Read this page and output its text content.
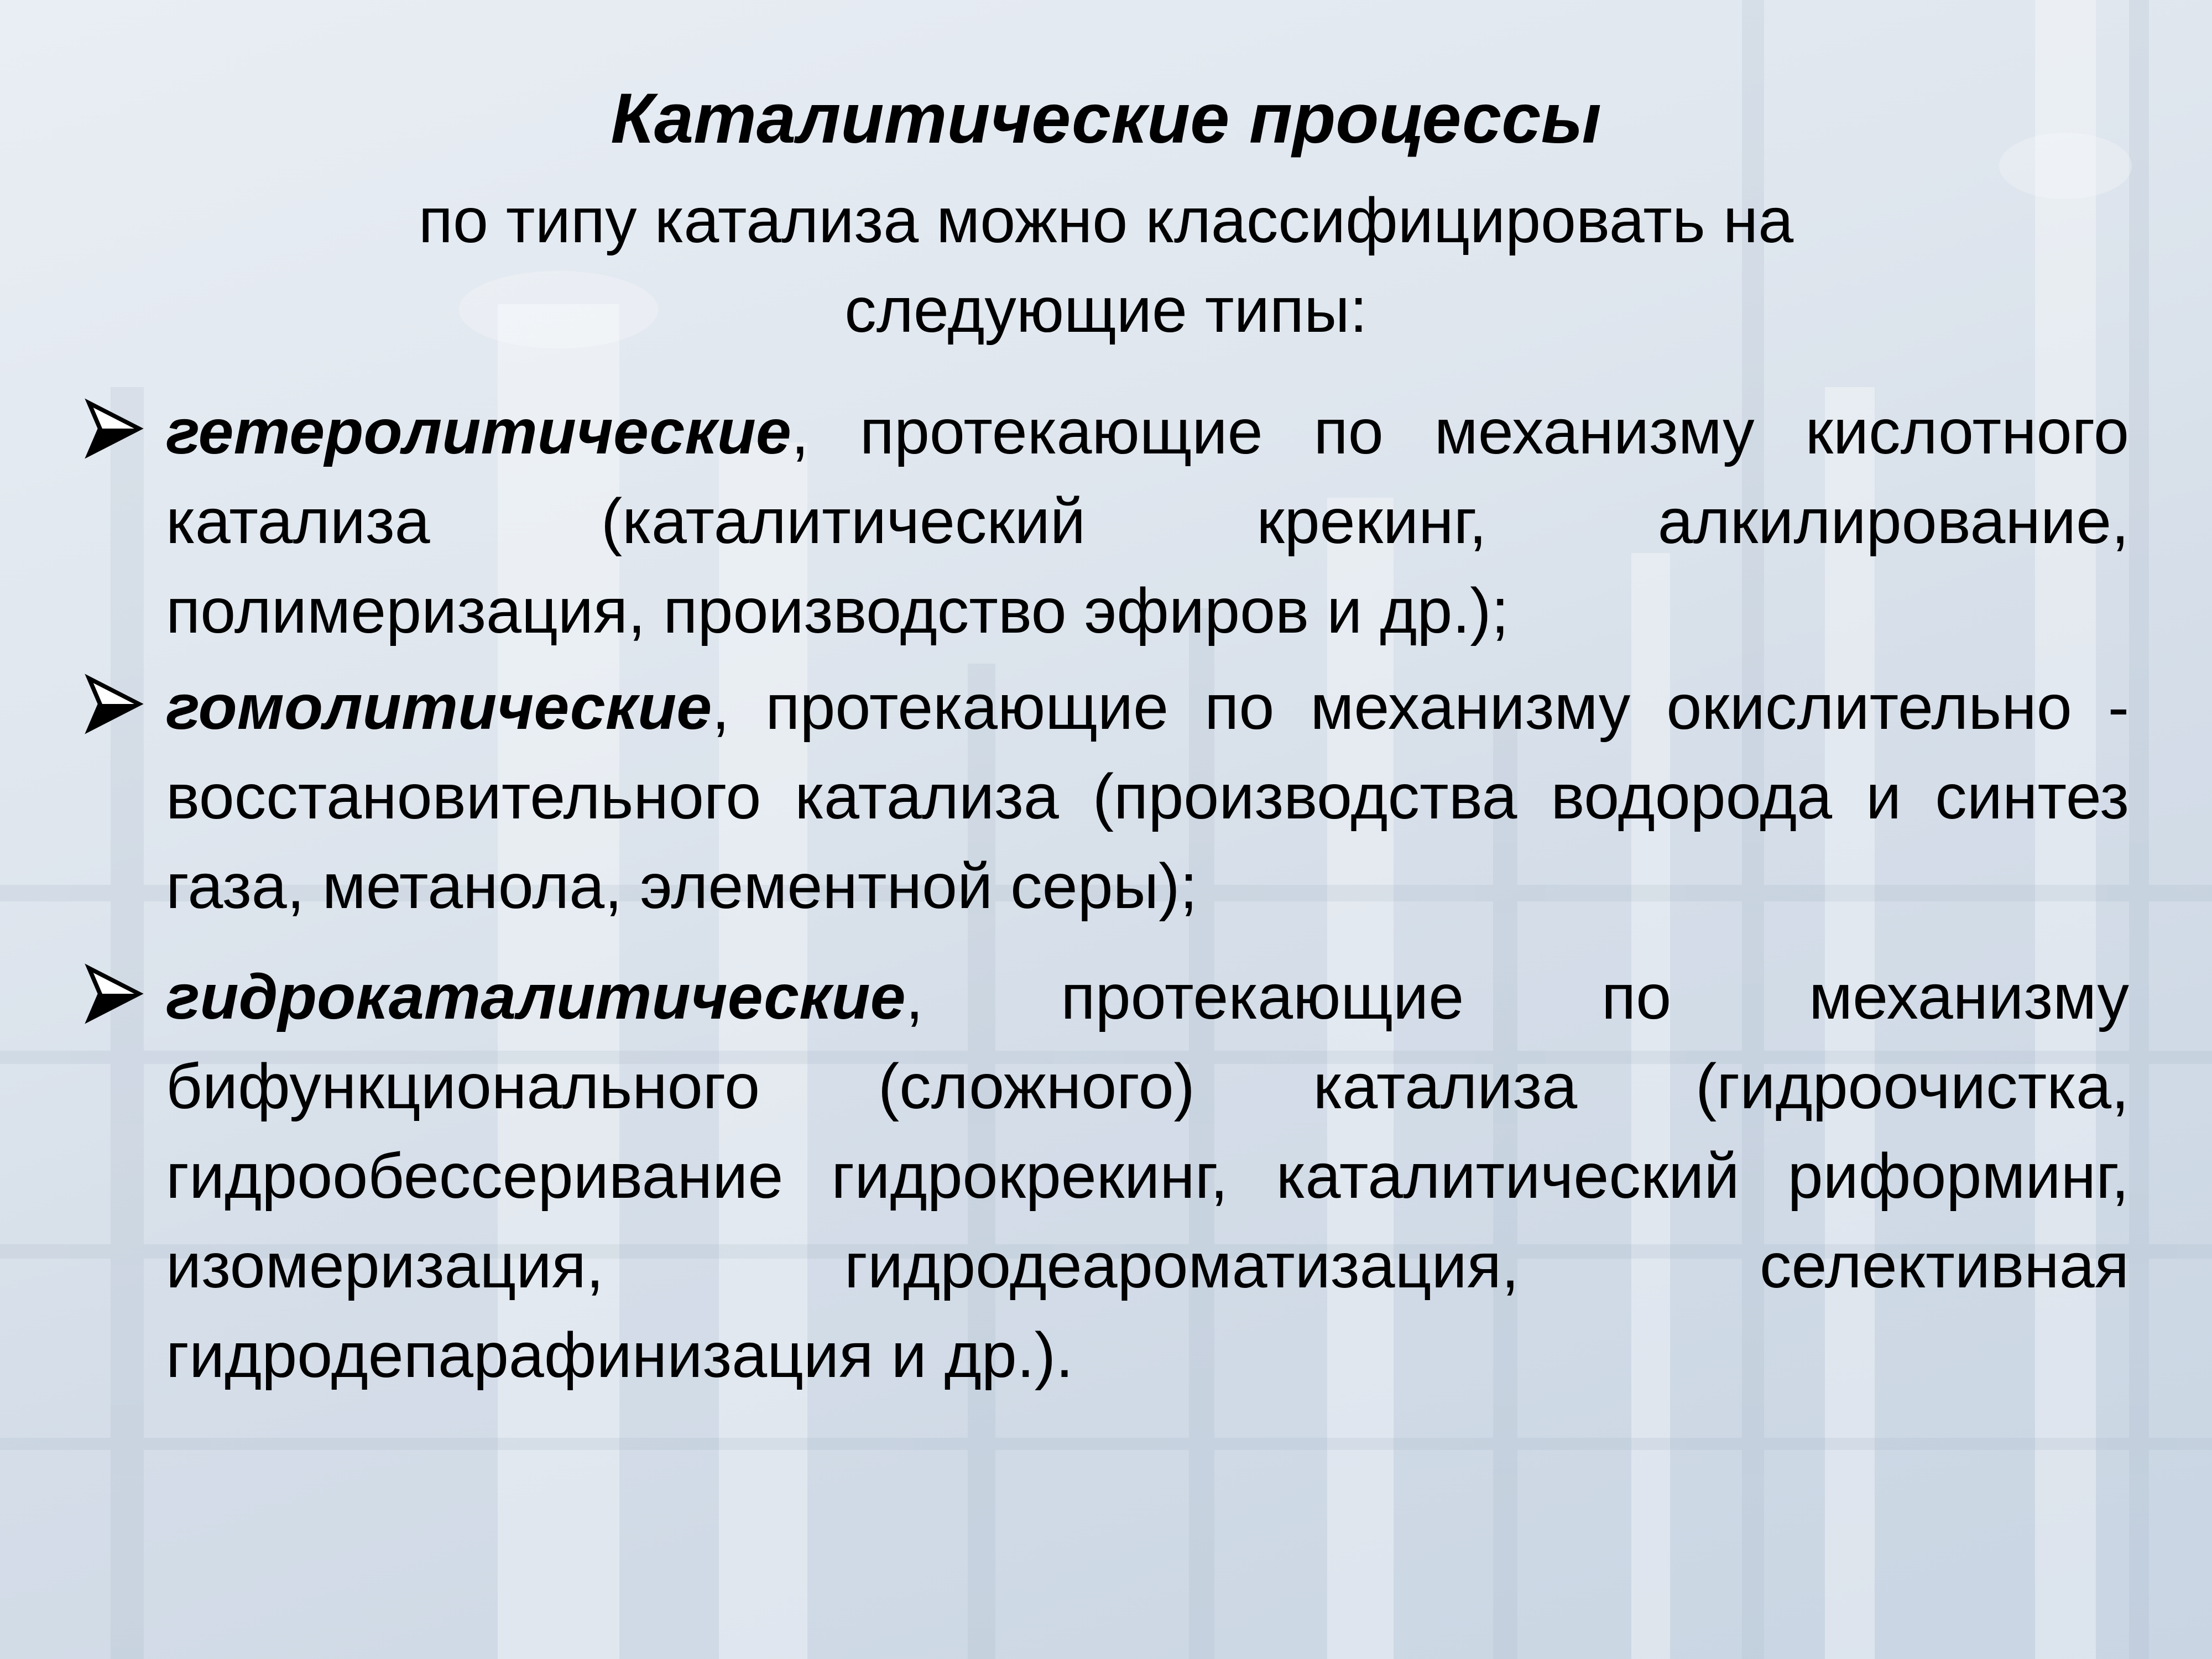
Каталитические процессы
по типу катализа можно классифицировать на следующие типы:
гетеролитические, протекающие по механизму кислотного катализа (каталитический крекинг, алкилирование, полимеризация, производство эфиров и др.);
гомолитические, протекающие по механизму окислительно - восстановительного катализа (производства водорода и синтез газа, метанола, элементной серы);
гидрокаталитические, протекающие по механизму бифункционального (сложного) катализа (гидроочистка, гидрообессеривание гидрокрекинг, каталитический риформинг, изомеризация, гидродеароматизация, селективная гидродепарафинизация и др.).
